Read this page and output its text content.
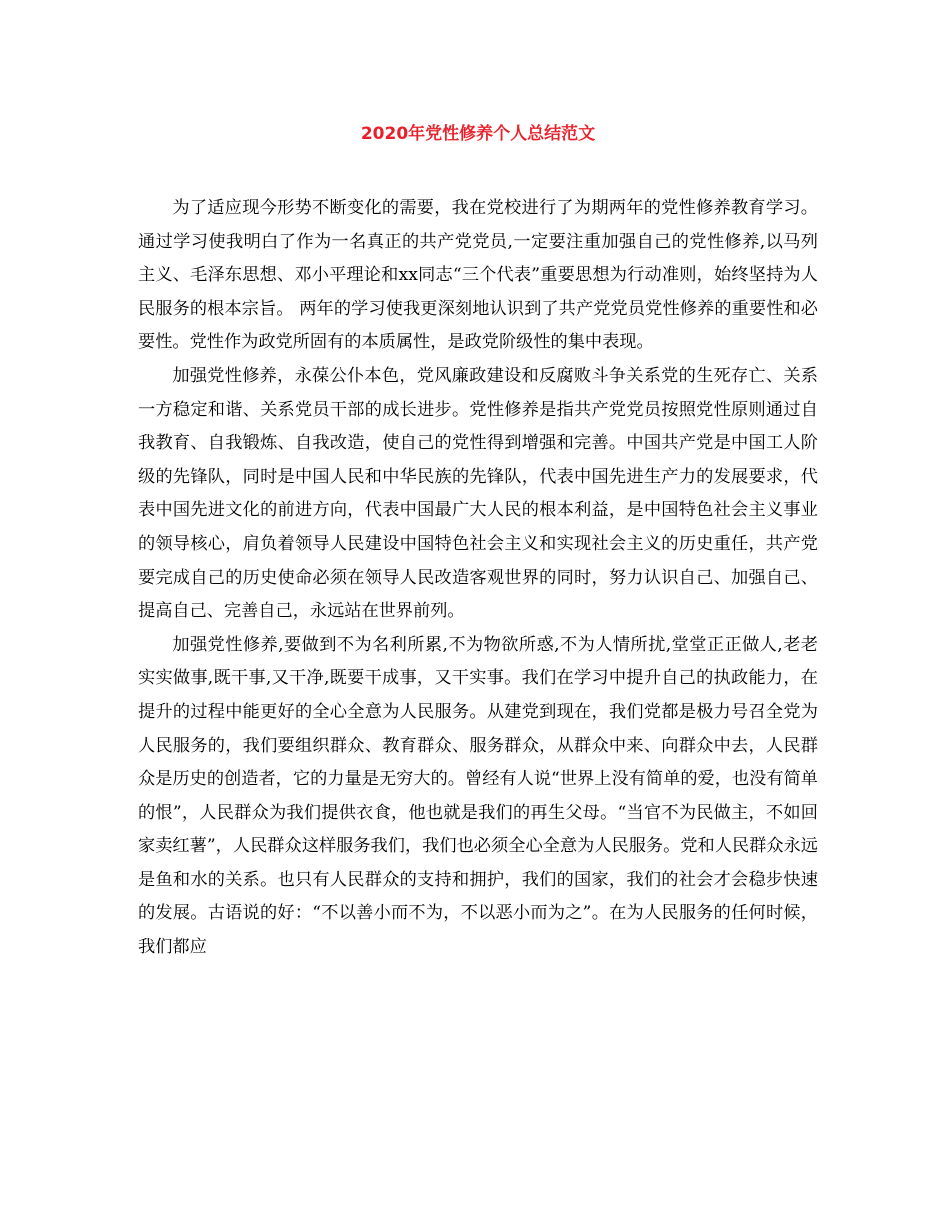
2020年党性修养个人总结范文

为了适应现今形势不断变化的需要，我在党校进行了为期两年的党性修养教育学习。通过学习使我明白了作为一名真正的共产党党员,一定要注重加强自己的党性修养,以马列主义、毛泽东思想、邓小平理论和xx同志“三个代表”重要思想为行动准则，始终坚持为人民服务的根本宗旨。 两年的学习使我更深刻地认识到了共产党党员党性修养的重要性和必要性。党性作为政党所固有的本质属性，是政党阶级性的集中表现。

加强党性修养，永葆公仆本色，党风廉政建设和反腐败斗争关系党的生死存亡、关系一方稳定和谐、关系党员干部的成长进步。党性修养是指共产党党员按照党性原则通过自我教育、自我锻炼、自我改造，使自己的党性得到增强和完善。中国共产党是中国工人阶级的先锋队，同时是中国人民和中华民族的先锋队，代表中国先进生产力的发展要求，代表中国先进文化的前进方向，代表中国最广大人民的根本利益，是中国特色社会主义事业的领导核心，肩负着领导人民建设中国特色社会主义和实现社会主义的历史重任，共产党要完成自己的历史使命必须在领导人民改造客观世界的同时，努力认识自己、加强自己、提高自己、完善自己，永远站在世界前列。

加强党性修养,要做到不为名利所累,不为物欲所惑,不为人情所扰,堂堂正正做人,老老实实做事,既干事,又干净,既要干成事，又干实事。我们在学习中提升自己的执政能力，在提升的过程中能更好的全心全意为人民服务。从建党到现在，我们党都是极力号召全党为人民服务的，我们要组织群众、教育群众、服务群众，从群众中来、向群众中去，人民群众是历史的创造者，它的力量是无穷大的。曾经有人说“世界上没有简单的爱，也没有简单的恨”，人民群众为我们提供衣食，他也就是我们的再生父母。“当官不为民做主，不如回家卖红薯”，人民群众这样服务我们，我们也必须全心全意为人民服务。党和人民群众永远是鱼和水的关系。也只有人民群众的支持和拥护，我们的国家，我们的社会才会稳步快速的发展。古语说的好：“不以善小而不为，不以恶小而为之”。在为人民服务的任何时候，我们都应
